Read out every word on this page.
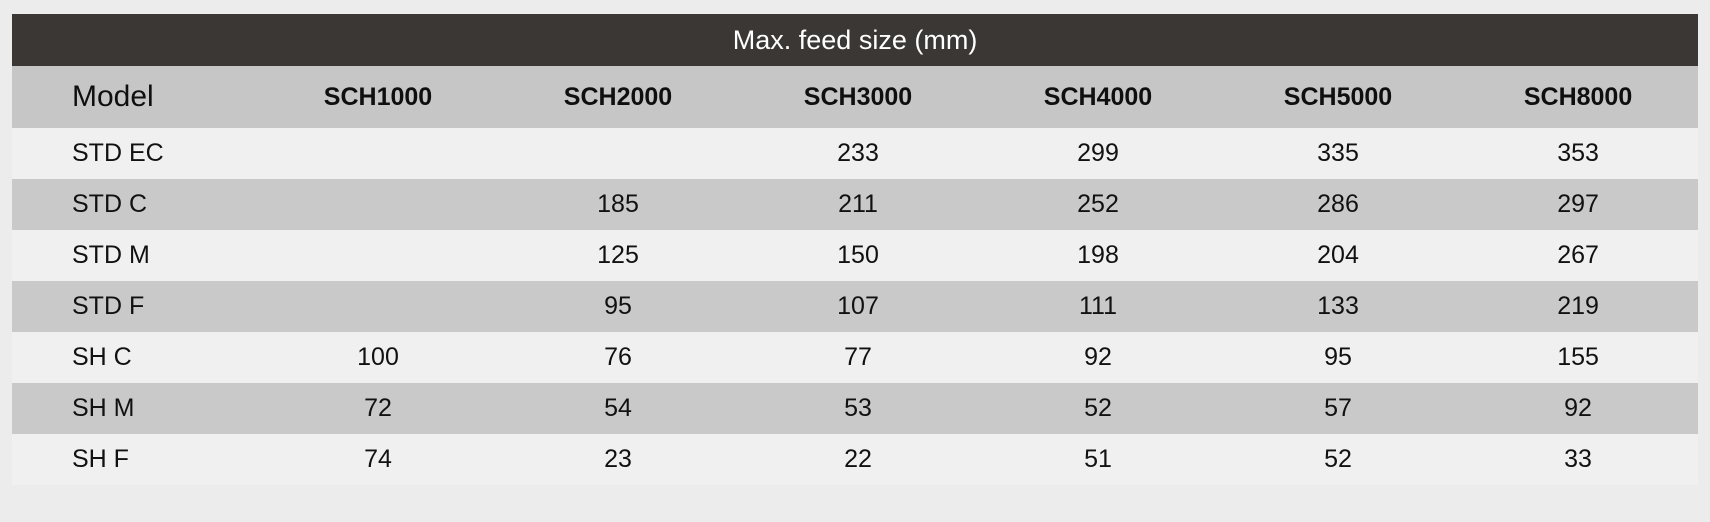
Max. feed size (mm)						
Model	SCH1000	SCH2000	SCH3000	SCH4000	SCH5000	SCH8000
STD EC			233	299	335	353
STD C		185	211	252	286	297
STD M		125	150	198	204	267
STD F		95	107	111	133	219
SH C	100	76	77	92	95	155
SH M	72	54	53	52	57	92
SH F	74	23	22	51	52	33
